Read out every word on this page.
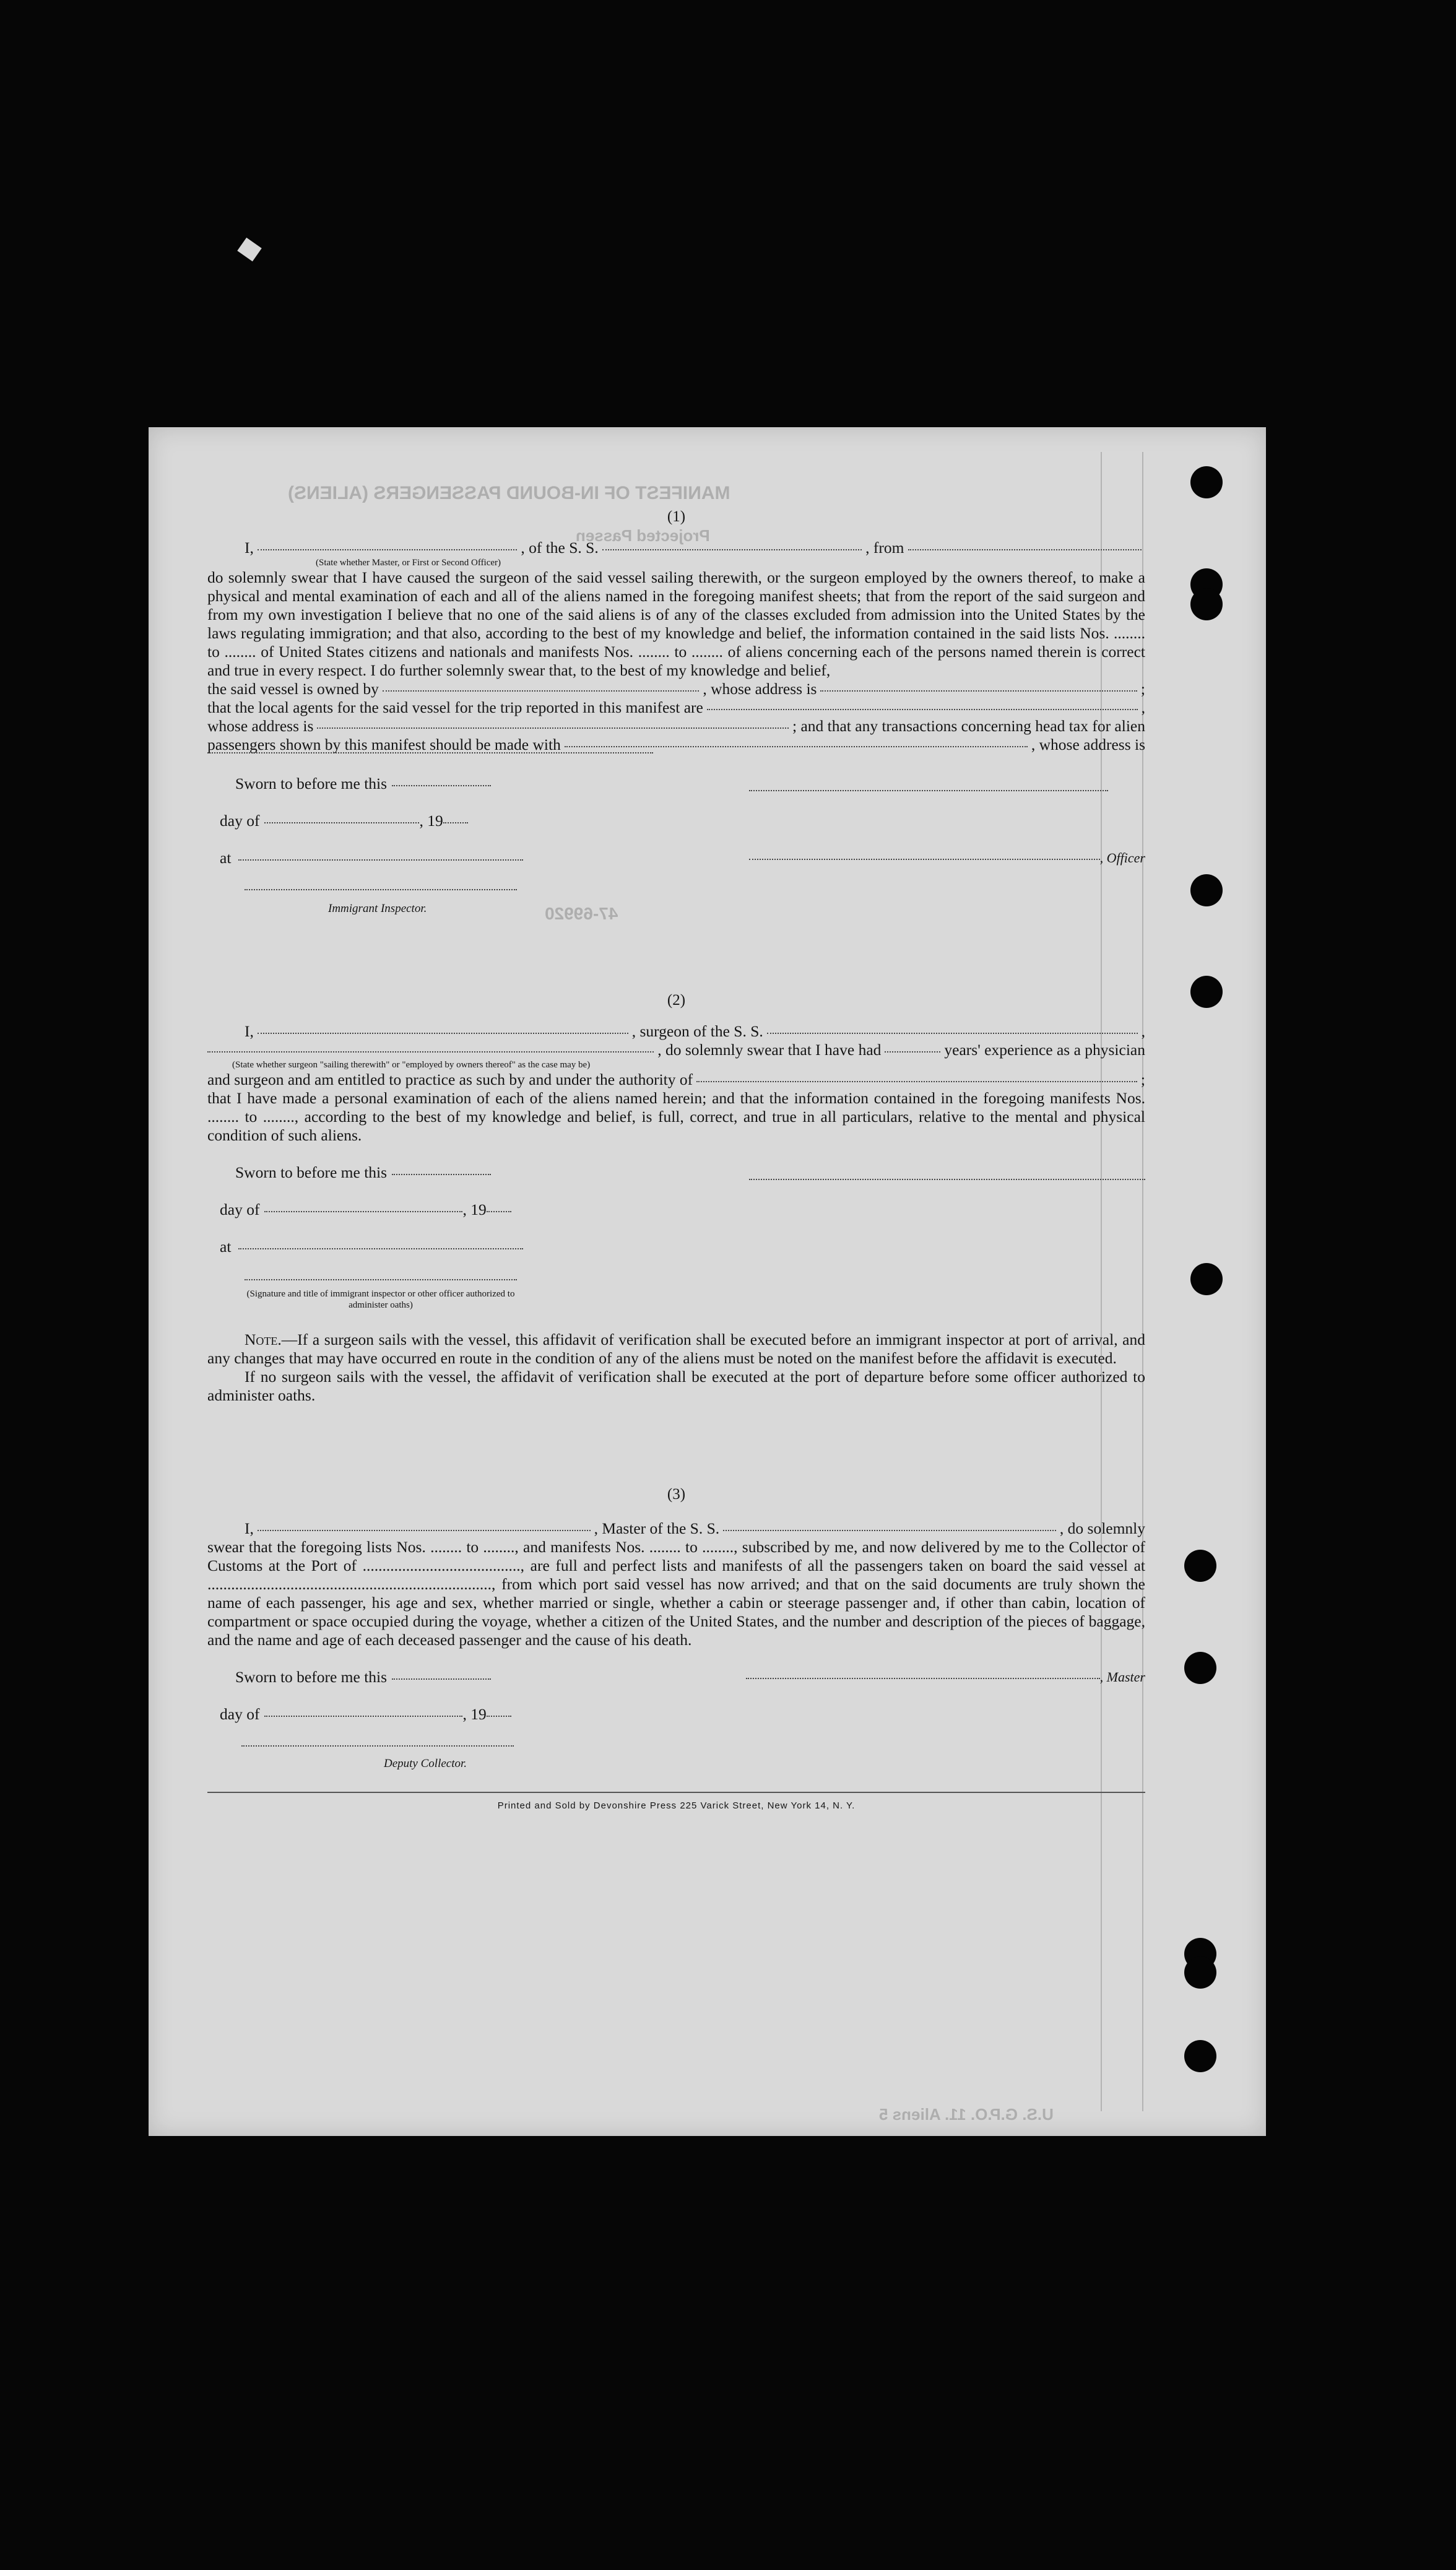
MANIFEST OF IN-BOUND PASSENGERS (ALIENS)
Projected Passen
47-69920
U.S. G.P.O. 11. Aliens 5

(1)

I,	, of the S. S.	, from
(State whether Master, or First or Second Officer)

do solemnly swear that I have caused the surgeon of the said vessel sailing therewith, or the surgeon employed by the owners thereof, to make a physical and mental examination of each and all of the aliens named in the foregoing manifest sheets; that from the report of the said surgeon and from my own investigation I believe that no one of the said aliens is of any of the classes excluded from admission into the United States by the laws regulating immigration; and that also, according to the best of my knowledge and belief, the information contained in the said lists Nos. ........ to ........ of United States citizens and nationals and manifests Nos. ........ to ........ of aliens concerning each of the persons named therein is correct and true in every respect. I do further solemnly swear that, to the best of my knowledge and belief,

the said vessel is owned by	, whose address is	;
that the local agents for the said vessel for the trip reported in this manifest are	,
whose address is	; and that any transactions concerning head tax for alien
passengers shown by this manifest should be made with	, whose address is
Sworn to before me this
day of	, 19
at	, Officer
Immigrant Inspector.

(2)

I,	, surgeon of the S. S.	,
, do solemnly swear that I have had	years' experience as a physician
(State whether surgeon "sailing therewith" or "employed by owners thereof" as the case may be)
and surgeon and am entitled to practice as such by and under the authority of	;

that I have made a personal examination of each of the aliens named herein; and that the information contained in the foregoing manifests Nos. ........ to ........, according to the best of my knowledge and belief, is full, correct, and true in all particulars, relative to the mental and physical condition of such aliens.

Sworn to before me this
day of	, 19
at
(Signature and title of immigrant inspector or other officer authorized to administer oaths)

Note.—If a surgeon sails with the vessel, this affidavit of verification shall be executed before an immigrant inspector at port of arrival, and any changes that may have occurred en route in the condition of any of the aliens must be noted on the manifest before the affidavit is executed.

If no surgeon sails with the vessel, the affidavit of verification shall be executed at the port of departure before some officer authorized to administer oaths.

(3)

I,	, Master of the S. S.	, do solemnly

swear that the foregoing lists Nos. ........ to ........, and manifests Nos. ........ to ........, subscribed by me, and now delivered by me to the Collector of Customs at the Port of ........................................, are full and perfect lists and manifests of all the passengers taken on board the said vessel at ........................................................................, from which port said vessel has now arrived; and that on the said documents are truly shown the name of each passenger, his age and sex, whether married or single, whether a cabin or steerage passenger and, if other than cabin, location of compartment or space occupied during the voyage, whether a citizen of the United States, and the number and description of the pieces of baggage, and the name and age of each deceased passenger and the cause of his death.

Sworn to before me this	, Master
day of	, 19
Deputy Collector.
Printed and Sold by Devonshire Press 225 Varick Street, New York 14, N. Y.
